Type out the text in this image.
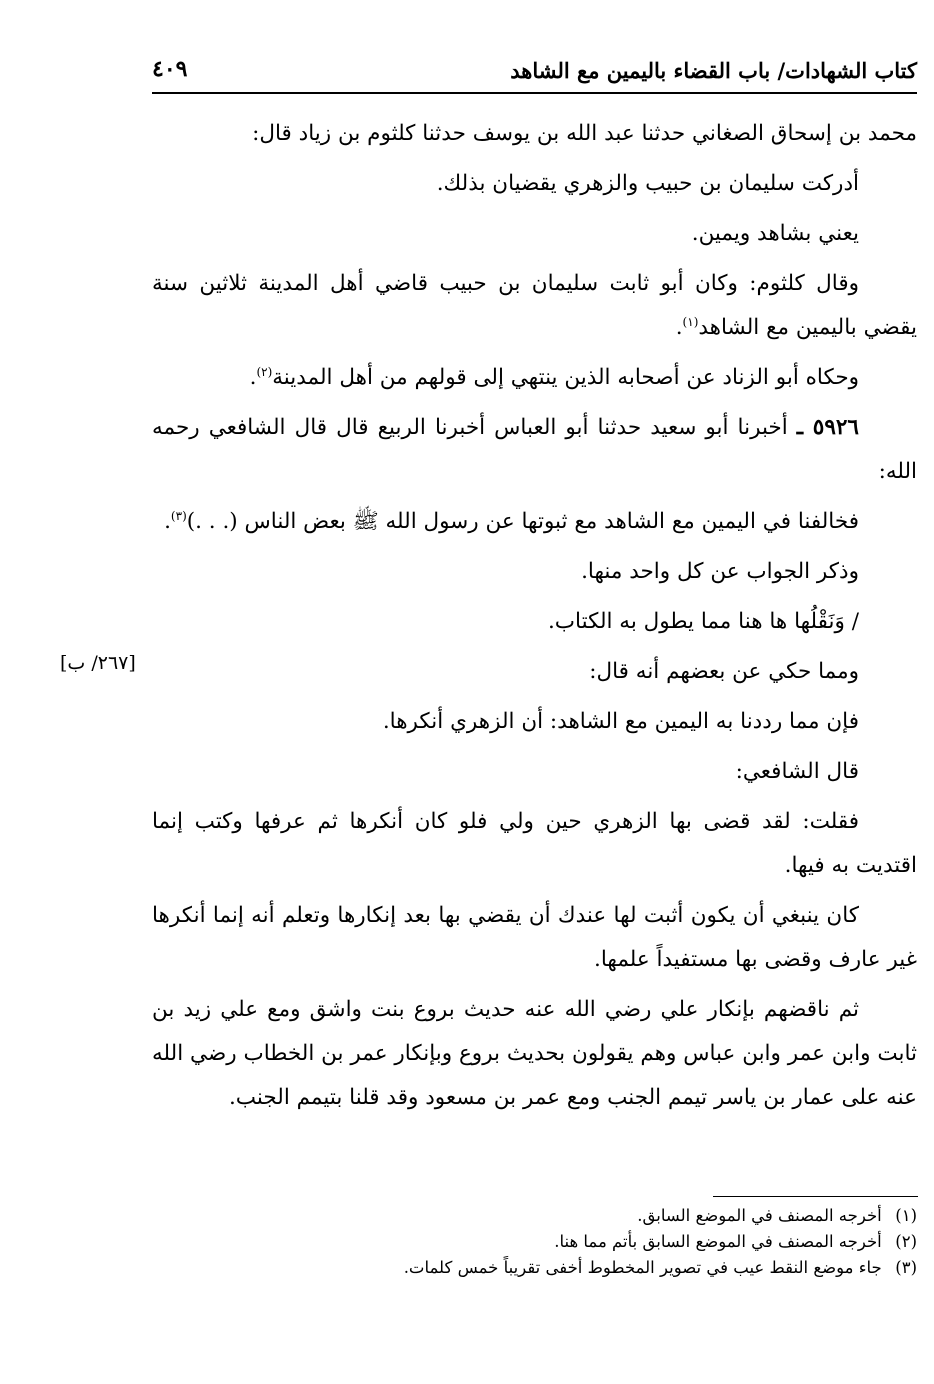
كتاب الشهادات/ باب القضاء باليمين مع الشاهد
٤٠٩

محمد بن إسحاق الصغاني حدثنا عبد الله بن يوسف حدثنا كلثوم بن زياد قال:

أدركت سليمان بن حبيب والزهري يقضيان بذلك.

يعني بشاهد ويمين.

وقال كلثوم: وكان أبو ثابت سليمان بن حبيب قاضي أهل المدينة ثلاثين سنة يقضي باليمين مع الشاهد$^{(١)}$.

وحكاه أبو الزناد عن أصحابه الذين ينتهي إلى قولهم من أهل المدينة$^{(٢)}$.

٥٩٢٦ ـ أخبرنا أبو سعيد حدثنا أبو العباس أخبرنا الربيع قال قال الشافعي رحمه الله:

فخالفنا في اليمين مع الشاهد مع ثبوتها عن رسول الله ﷺ بعض الناس (. . .)$^{(٣)}$.

وذكر الجواب عن كل واحد منها.

/ وَنَقْلُها ها هنا مما يطول به الكتاب.

ومما حكي عن بعضهم أنه قال:

فإن مما رددنا به اليمين مع الشاهد: أن الزهري أنكرها.

قال الشافعي:

فقلت: لقد قضى بها الزهري حين ولي فلو كان أنكرها ثم عرفها وكتب إنما اقتديت به فيها.

كان ينبغي أن يكون أثبت لها عندك أن يقضي بها بعد إنكارها وتعلم أنه إنما أنكرها غير عارف وقضى بها مستفيداً علمها.

ثم ناقضهم بإنكار علي رضي الله عنه حديث بروع بنت واشق ومع علي زيد بن ثابت وابن عمر وابن عباس وهم يقولون بحديث بروع وبإنكار عمر بن الخطاب رضي الله عنه على عمار بن ياسر تيمم الجنب ومع عمر بن مسعود وقد قلنا بتيمم الجنب.

[٢٦٧/ ب]

(١) أخرجه المصنف في الموضع السابق.

(٢) أخرجه المصنف في الموضع السابق بأتم مما هنا.

(٣) جاء موضع النقط عيب في تصوير المخطوط أخفى تقريباً خمس كلمات.
